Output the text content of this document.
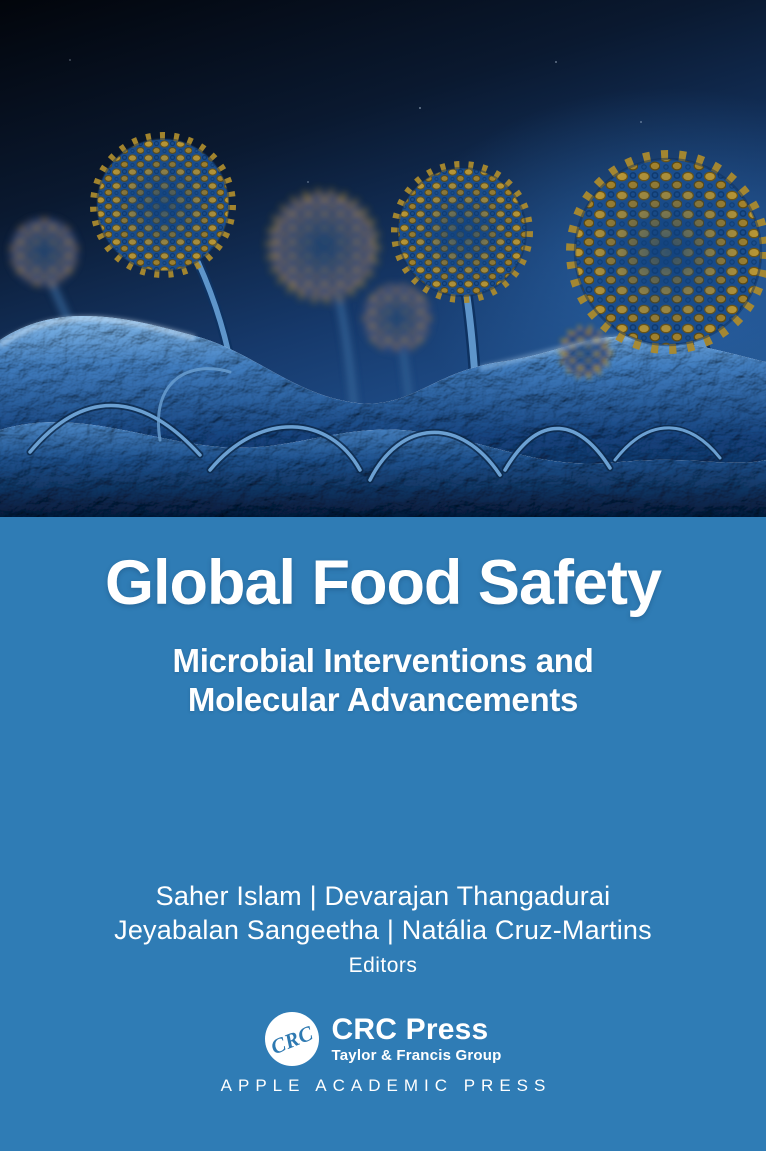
Global Food Safety
Microbial Interventions and
Molecular Advancements
Saher Islam | Devarajan Thangadurai
Jeyabalan Sangeetha | Natália Cruz-Martins
Editors
CRC CRC Press
Taylor & Francis Group
APPLE ACADEMIC PRESS
